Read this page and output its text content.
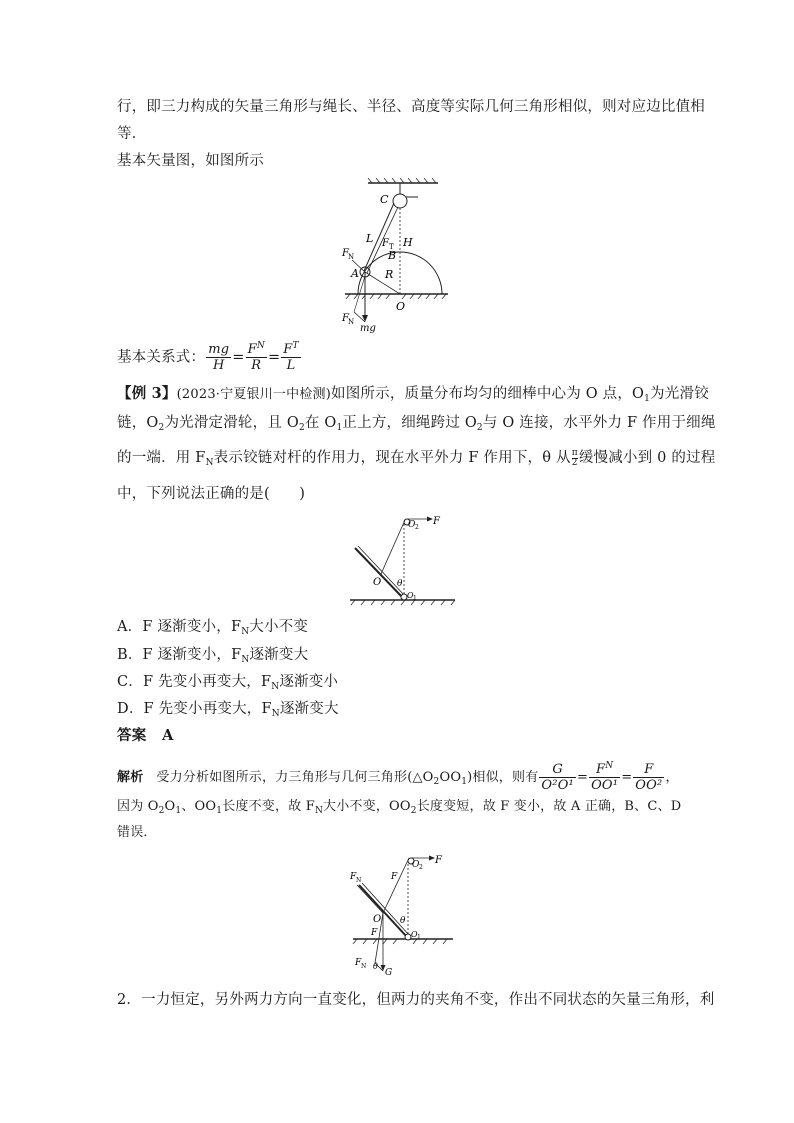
行，即三力构成的矢量三角形与绳长、半径、高度等实际几何三角形相似，则对应边比值相
等．
基本矢量图，如图所示
C
L F T H
F N	B
A R
O
F N
mg
基本关系式： $\frac{mg}{H} = \frac{F^N}{R} = \frac{F^T}{L}$
【例 3】(2023·宁夏银川一中检测)如图所示，质量分布均匀的细棒中心为 O 点，$O_1$为光滑铰
链，$O_2$为光滑定滑轮，且 $O_2$在 $O_1$正上方，细绳跨过 $O_2$与 O 连接，水平外力 F 作用于细绳
的一端．用 $F_N$表示铰链对杆的作用力，现在水平外力 F 作用下，θ 从 $\frac{\pi}{2}$ 缓慢减小到 0 的过程
中，下列说法正确的是(　　)
O 2
F
O θ
O 1
A．F 逐渐变小，$F_N$大小不变
B．F 逐渐变小，$F_N$逐渐变大
C．F 先变小再变大，$F_N$逐渐变小
D．F 先变小再变大，$F_N$逐渐变大
答案 A
解析 受力分析如图所示，力三角形与几何三角形$(\triangle O_2OO_1)$相似，则有 $\frac{G}{\text{O²O¹}} = \frac{F^N}{\text{OO¹}} = \frac{F}{\text{OO²}}$ ，
因为 $O_2O_1$、$OO_1$长度不变，故 $F_N$大小不变，$OO_2$长度变短，故 F 变小，故 A 正确，B、C、D
错误．
F N	F
O 2
F
O θ
F	O 1
F N θ
G
2．一力恒定，另外两力方向一直变化，但两力的夹角不变，作出不同状态的矢量三角形，利
